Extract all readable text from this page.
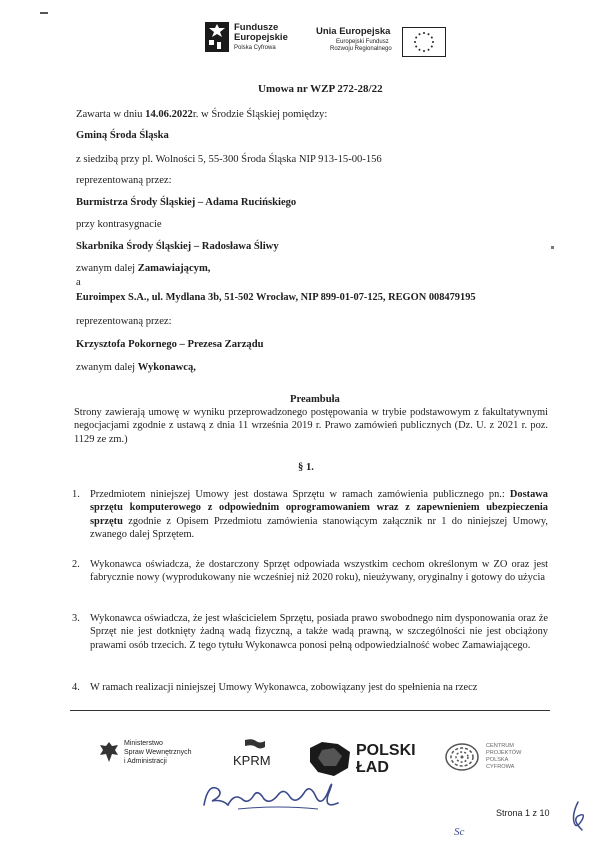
Fundusze
Europejskie
Polska Cyfrowa
Unia Europejska
Europejski Fundusz
Rozwoju Regionalnego
Umowa nr WZP 272-28/22
Zawarta w dniu 14.06.2022r. w Środzie Śląskiej pomiędzy:
Gminą Środa Śląska
z siedzibą przy pl. Wolności 5, 55-300 Środa Śląska NIP 913-15-00-156
reprezentowaną przez:
Burmistrza Środy Śląskiej – Adama Rucińskiego
przy kontrasygnacie
Skarbnika Środy Śląskiej – Radosława Śliwy
zwanym dalej Zamawiającym,
a
Euroimpex S.A., ul. Mydlana 3b, 51-502 Wrocław, NIP 899-01-07-125, REGON 008479195
reprezentowaną przez:
Krzysztofa Pokornego – Prezesa Zarządu
zwanym dalej Wykonawcą,
Preambuła
Strony zawierają umowę w wyniku przeprowadzonego postępowania w trybie podstawowym z fakultatywnymi negocjacjami zgodnie z ustawą z dnia 11 września 2019 r. Prawo zamówień publicznych (Dz. U. z 2021 r. poz. 1129 ze zm.)
§ 1.
1. Przedmiotem niniejszej Umowy jest dostawa Sprzętu w ramach zamówienia publicznego pn.: Dostawa sprzętu komputerowego z odpowiednim oprogramowaniem wraz z zapewnieniem ubezpieczenia sprzętu zgodnie z Opisem Przedmiotu zamówienia stanowiącym załącznik nr 1 do niniejszej Umowy, zwanego dalej Sprzętem.
2. Wykonawca oświadcza, że dostarczony Sprzęt odpowiada wszystkim cechom określonym w ZO oraz jest fabrycznie nowy (wyprodukowany nie wcześniej niż 2020 roku), nieużywany, oryginalny i gotowy do użycia
3. Wykonawca oświadcza, że jest właścicielem Sprzętu, posiada prawo swobodnego nim dysponowania oraz że Sprzęt nie jest dotknięty żadną wadą fizyczną, a także wadą prawną, w szczególności nie jest obciążony prawami osób trzecich. Z tego tytułu Wykonawca ponosi pełną odpowiedzialność wobec Zamawiającego.
4. W ramach realizacji niniejszej Umowy Wykonawca, zobowiązany jest do spełnienia na rzecz
Ministerstwo
Spraw Wewnętrznych
i Administracji	KPRM
POLSKI
ŁAD
CENTRUM
PROJEKTÓW
POLSKA
CYFROWA
Strona 1 z 10
Sc
